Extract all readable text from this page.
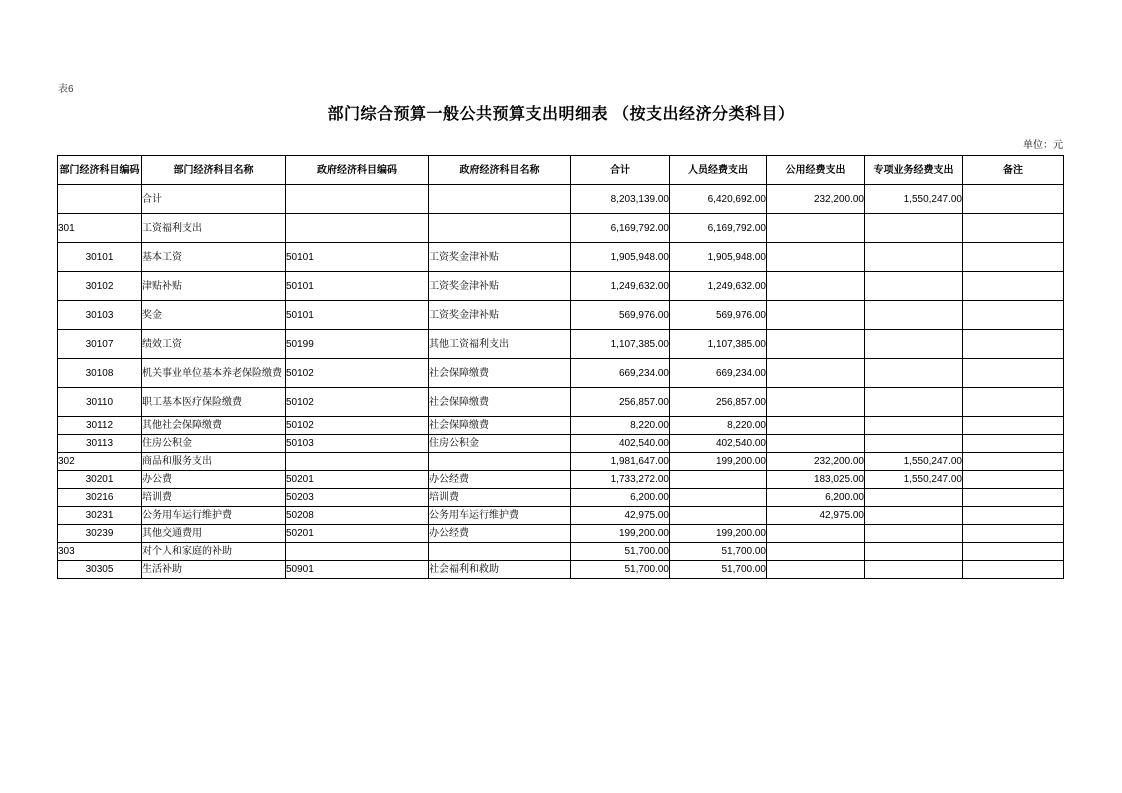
表6
部门综合预算一般公共预算支出明细表 （按支出经济分类科目）
单位：元
部门经济科目编码	部门经济科目名称	政府经济科目编码	政府经济科目名称	合计	人员经费支出	公用经费支出	专项业务经费支出	备注
	合计			8,203,139.00	6,420,692.00	232,200.00	1,550,247.00	
301	工资福利支出			6,169,792.00	6,169,792.00			
30101	基本工资	50101	工资奖金津补贴	1,905,948.00	1,905,948.00			
30102	津贴补贴	50101	工资奖金津补贴	1,249,632.00	1,249,632.00			
30103	奖金	50101	工资奖金津补贴	569,976.00	569,976.00			
30107	绩效工资	50199	其他工资福利支出	1,107,385.00	1,107,385.00			
30108	机关事业单位基本养老保险缴费	50102	社会保障缴费	669,234.00	669,234.00			
30110	职工基本医疗保险缴费	50102	社会保障缴费	256,857.00	256,857.00			
30112	其他社会保障缴费	50102	社会保障缴费	8,220.00	8,220.00			
30113	住房公积金	50103	住房公积金	402,540.00	402,540.00			
302	商品和服务支出			1,981,647.00	199,200.00	232,200.00	1,550,247.00	
30201	办公费	50201	办公经费	1,733,272.00		183,025.00	1,550,247.00	
30216	培训费	50203	培训费	6,200.00		6,200.00		
30231	公务用车运行维护费	50208	公务用车运行维护费	42,975.00		42,975.00		
30239	其他交通费用	50201	办公经费	199,200.00	199,200.00			
303	对个人和家庭的补助			51,700.00	51,700.00			
30305	生活补助	50901	社会福利和救助	51,700.00	51,700.00			
